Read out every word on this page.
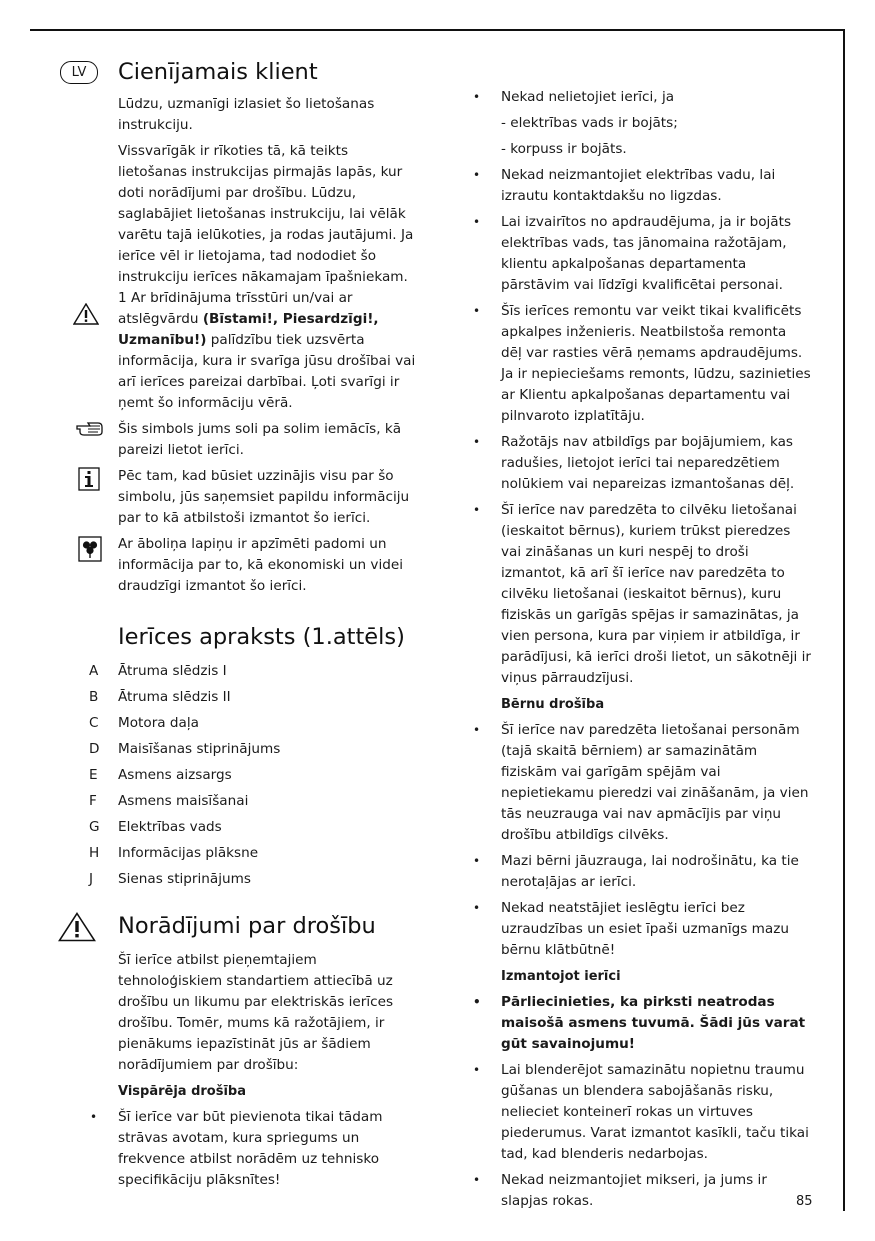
LV	Cienījamais klient

Lūdzu, uzmanīgi izlasiet šo lietošanas instrukciju.

Vissvarīgāk ir rīkoties tā, kā teikts lietošanas instrukcijas pirmajās lapās, kur doti norādījumi par drošību. Lūdzu, saglabājiet lietošanas instrukciju, lai vēlāk varētu tajā ielūkoties, ja rodas jautājumi. Ja ierīce vēl ir lietojama, tad nododiet šo instrukciju ierīces nākamajam īpašniekam. 1 Ar brīdinājuma trīsstūri un/vai ar atslēgvārdu (Bīstami!, Piesardzīgi!, Uzmanību!) palīdzību tiek uzsvērta informācija, kura ir svarīga jūsu drošībai vai arī ierīces pareizai darbībai. Ļoti svarīgi ir ņemt šo informāciju vērā.

Šis simbols jums soli pa solim iemācīs, kā pareizi lietot ierīci.

Pēc tam, kad būsiet uzzinājis visu par šo simbolu, jūs saņemsiet papildu informāciju par to kā atbilstoši izmantot šo ierīci.

Ar āboliņa lapiņu ir apzīmēti padomi un informācija par to, kā ekonomiski un videi draudzīgi izmantot šo ierīci.

Ierīces apraksts (1.attēls)
A Ātruma slēdzis I
B Ātruma slēdzis II
C Motora daļa
D Maisīšanas stiprinājums
E Asmens aizsargs
F Asmens maisīšanai
G Elektrības vads
H Informācijas plāksne
J Sienas stiprinājums
Norādījumi par drošību

Šī ierīce atbilst pieņemtajiem tehnoloģiskiem standartiem attiecībā uz drošību un likumu par elektriskās ierīces drošību. Tomēr, mums kā ražotājiem, ir pienākums iepazīstināt jūs ar šādiem norādījumiem par drošību:

Vispārēja drošība

• Šī ierīce var būt pievienota tikai tādam strāvas avotam, kura spriegums un frekvence atbilst norādēm uz tehnisko specifikāciju plāksnītes!
• Nekad nelietojiet ierīci, ja

- elektrības vads ir bojāts;

- korpuss ir bojāts.

• Nekad neizmantojiet elektrības vadu, lai izrautu kontaktdakšu no ligzdas.
• Lai izvairītos no apdraudējuma, ja ir bojāts elektrības vads, tas jānomaina ražotājam, klientu apkalpošanas departamenta pārstāvim vai līdzīgi kvalificētai personai.
• Šīs ierīces remontu var veikt tikai kvalificēts apkalpes inženieris. Neatbilstoša remonta dēļ var rasties vērā ņemams apdraudējums. Ja ir nepieciešams remonts, lūdzu, sazinieties ar Klientu apkalpošanas departamentu vai pilnvaroto izplatītāju.
• Ražotājs nav atbildīgs par bojājumiem, kas radušies, lietojot ierīci tai neparedzētiem nolūkiem vai nepareizas izmantošanas dēļ.
• Šī ierīce nav paredzēta to cilvēku lietošanai (ieskaitot bērnus), kuriem trūkst pieredzes vai zināšanas un kuri nespēj to droši izmantot, kā arī šī ierīce nav paredzēta to cilvēku lietošanai (ieskaitot bērnus), kuru fiziskās un garīgās spējas ir samazinātas, ja vien persona, kura par viņiem ir atbildīga, ir parādījusi, kā ierīci droši lietot, un sākotnēji ir viņus pārraudzījusi.

Bērnu drošība

• Šī ierīce nav paredzēta lietošanai personām (tajā skaitā bērniem) ar samazinātām fiziskām vai garīgām spējām vai nepietiekamu pieredzi vai zināšanām, ja vien tās neuzrauga vai nav apmācījis par viņu drošību atbildīgs cilvēks.
• Mazi bērni jāuzrauga, lai nodrošinātu, ka tie nerotaļājas ar ierīci.
• Nekad neatstājiet ieslēgtu ierīci bez uzraudzības un esiet īpaši uzmanīgs mazu bērnu klātbūtnē!

Izmantojot ierīci

• Pārliecinieties, ka pirksti neatrodas maisošā asmens tuvumā. Šādi jūs varat gūt savainojumu!
• Lai blenderējot samazinātu nopietnu traumu gūšanas un blendera sabojāšanās risku, nelieciet konteinerī rokas un virtuves piederumus. Varat izmantot kasīkli, taču tikai tad, kad blenderis nedarbojas.
• Nekad neizmantojiet mikseri, ja jums ir slapjas rokas.	85
